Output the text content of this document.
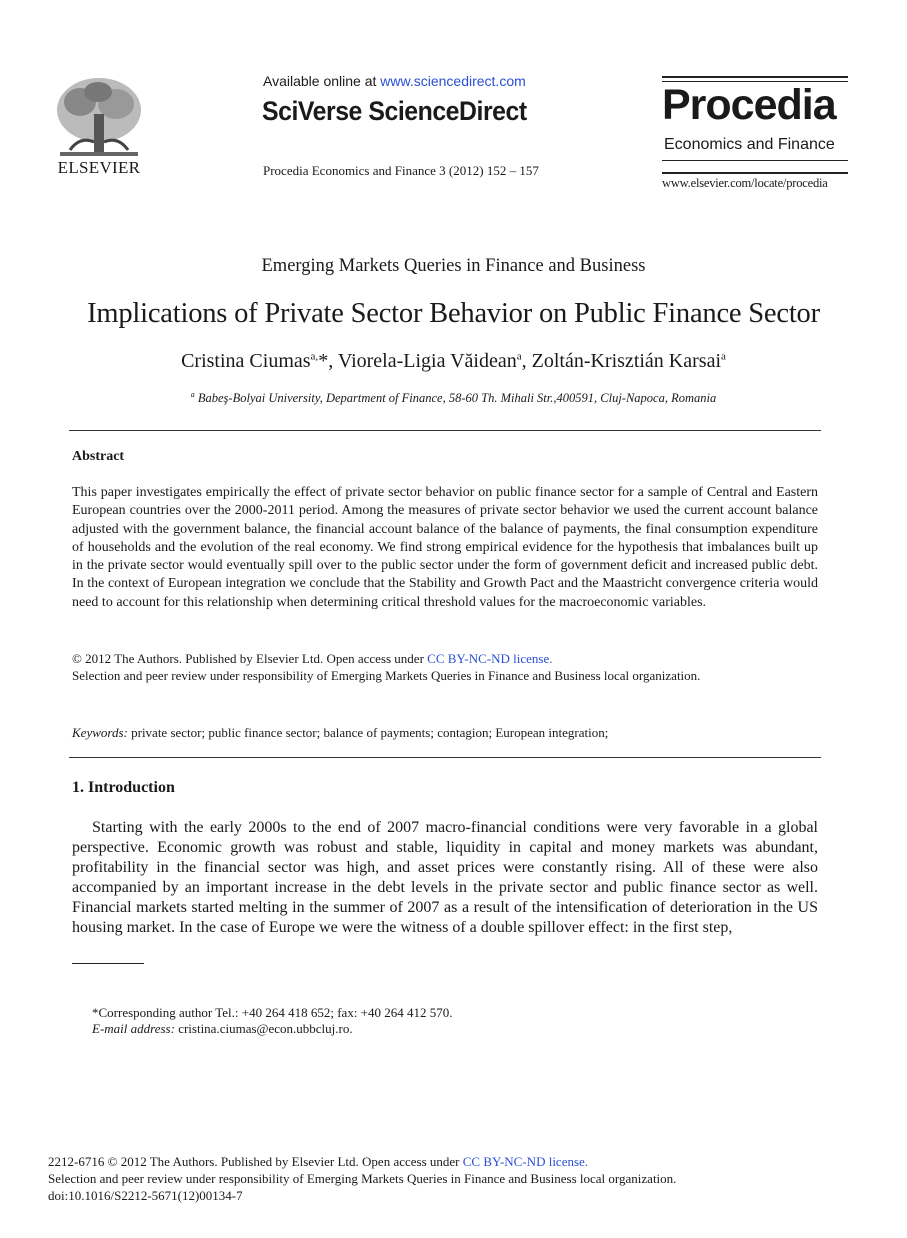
ELSEVIER
Available online at www.sciencedirect.com
SciVerse ScienceDirect
Procedia Economics and Finance 3 (2012) 152 – 157
Procedia
Economics and Finance
www.elsevier.com/locate/procedia
Emerging Markets Queries in Finance and Business
Implications of Private Sector Behavior on Public Finance Sector
Cristina Ciumas$^{a,}$*, Viorela-Ligia Văidean$^a$, Zoltán-Krisztián Karsai$^a$
$^a$ Babeş-Bolyai University, Department of Finance, 58-60 Th. Mihali Str.,400591, Cluj-Napoca, Romania
Abstract
This paper investigates empirically the effect of private sector behavior on public finance sector for a sample of Central and Eastern European countries over the 2000-2011 period. Among the measures of private sector behavior we used the current account balance adjusted with the government balance, the financial account balance of the balance of payments, the final consumption expenditure of households and the evolution of the real economy. We find strong empirical evidence for the hypothesis that imbalances built up in the private sector would eventually spill over to the public sector under the form of government deficit and increased public debt. In the context of European integration we conclude that the Stability and Growth Pact and the Maastricht convergence criteria would need to account for this relationship when determining critical threshold values for the macroeconomic variables.
© 2012 The Authors. Published by Elsevier Ltd. Open access under CC BY-NC-ND license.
Selection and peer review under responsibility of Emerging Markets Queries in Finance and Business local organization.
Keywords: private sector; public finance sector; balance of payments; contagion; European integration;
1. Introduction
Starting with the early 2000s to the end of 2007 macro-financial conditions were very favorable in a global perspective. Economic growth was robust and stable, liquidity in capital and money markets was abundant, profitability in the financial sector was high, and asset prices were constantly rising. All of these were also accompanied by an important increase in the debt levels in the private sector and public finance sector as well. Financial markets started melting in the summer of 2007 as a result of the intensification of deterioration in the US housing market. In the case of Europe we were the witness of a double spillover effect: in the first step,
*Corresponding author Tel.: +40 264 418 652; fax: +40 264 412 570.
E-mail address: cristina.ciumas@econ.ubbcluj.ro.
2212-6716 © 2012 The Authors. Published by Elsevier Ltd. Open access under CC BY-NC-ND license.
Selection and peer review under responsibility of Emerging Markets Queries in Finance and Business local organization.
doi:10.1016/S2212-5671(12)00134-7
